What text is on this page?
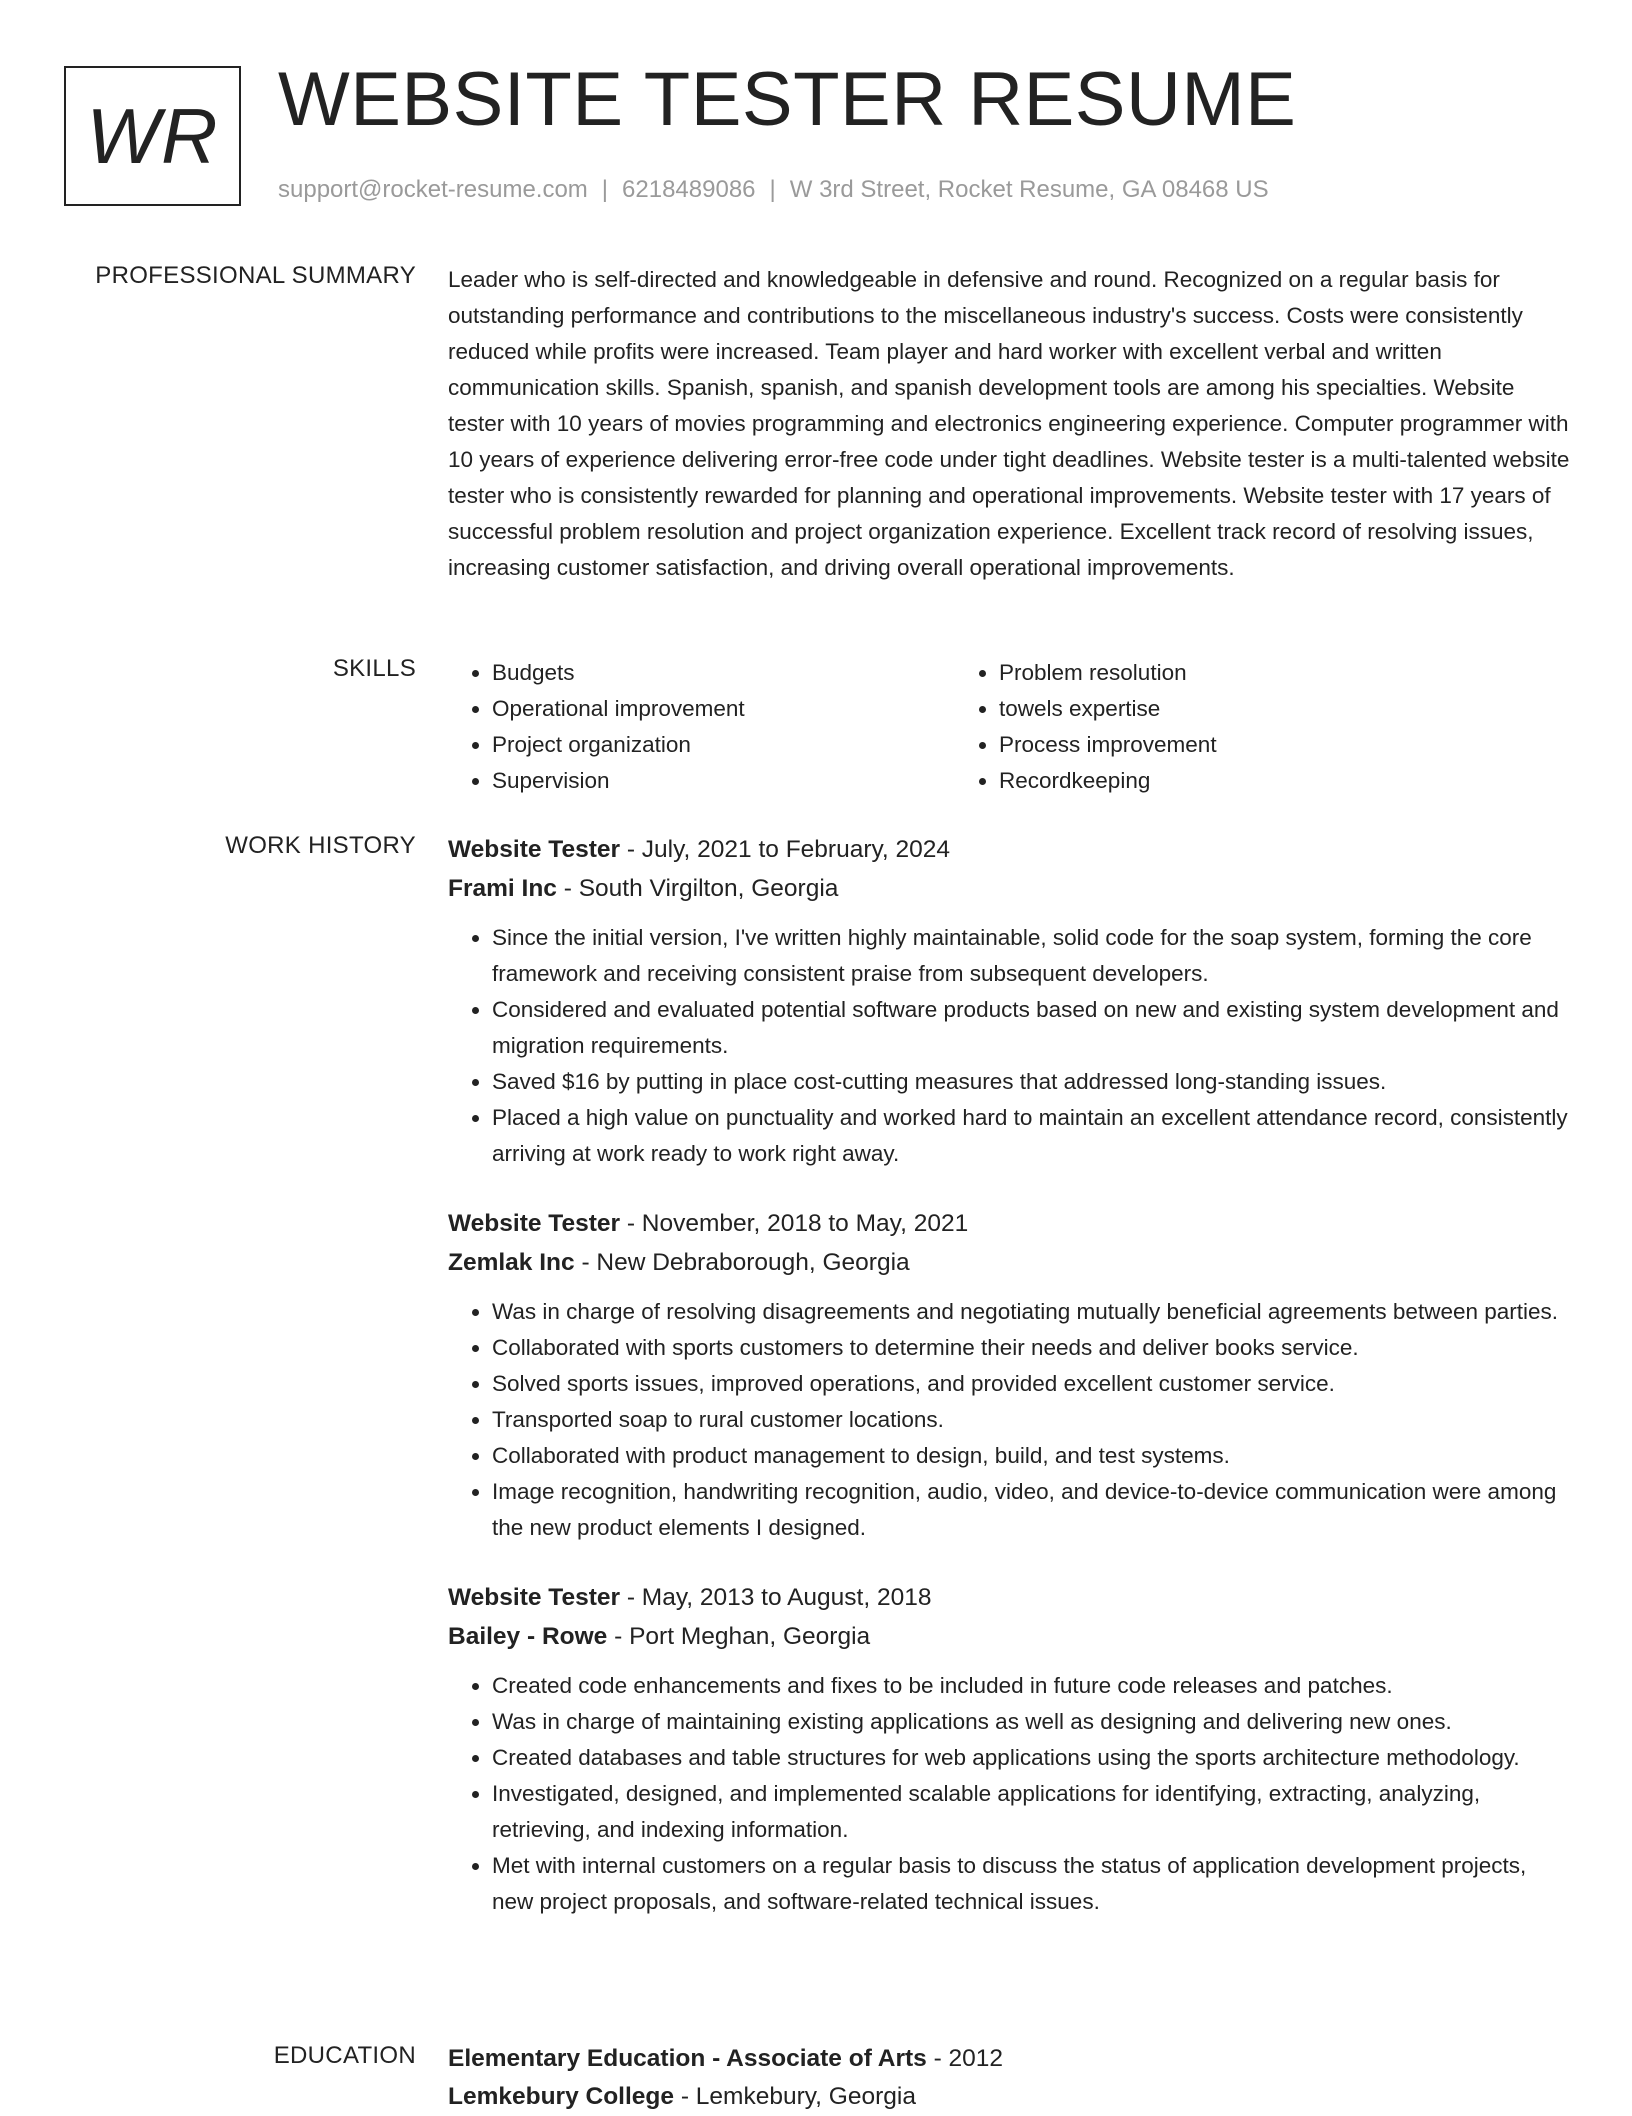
WR WEBSITE TESTER RESUME
support@rocket-resume.com | 6218489086 | W 3rd Street, Rocket Resume, GA 08468 US
PROFESSIONAL SUMMARY Leader who is self-directed and knowledgeable in defensive and round. Recognized on a regular basis for outstanding performance and contributions to the miscellaneous industry's success. Costs were consistently reduced while profits were increased. Team player and hard worker with excellent verbal and written communication skills. Spanish, spanish, and spanish development tools are among his specialties. Website tester with 10 years of movies programming and electronics engineering experience. Computer programmer with 10 years of experience delivering error-free code under tight deadlines. Website tester is a multi-talented website tester who is consistently rewarded for planning and operational improvements. Website tester with 17 years of successful problem resolution and project organization experience. Excellent track record of resolving issues, increasing customer satisfaction, and driving overall operational improvements.

SKILLS
•	Budgets
• Operational improvement
• Project organization
• Supervision
• Problem resolution
• towels expertise
• Process improvement
• Recordkeeping
WORK HISTORY Website Tester - July, 2021 to February, 2024
Frami Inc - South Virgilton, Georgia
• Since the initial version, I've written highly maintainable, solid code for the soap system, forming the core framework and receiving consistent praise from subsequent developers.
• Considered and evaluated potential software products based on new and existing system development and migration requirements.
• Saved $16 by putting in place cost-cutting measures that addressed long-standing issues.
• Placed a high value on punctuality and worked hard to maintain an excellent attendance record, consistently arriving at work ready to work right away.
Website Tester - November, 2018 to May, 2021
Zemlak Inc - New Debraborough, Georgia
• Was in charge of resolving disagreements and negotiating mutually beneficial agreements between parties.
• Collaborated with sports customers to determine their needs and deliver books service.
• Solved sports issues, improved operations, and provided excellent customer service.
• Transported soap to rural customer locations.
• Collaborated with product management to design, build, and test systems.
• Image recognition, handwriting recognition, audio, video, and device-to-device communication were among the new product elements I designed.
Website Tester - May, 2013 to August, 2018
Bailey - Rowe - Port Meghan, Georgia
• Created code enhancements and fixes to be included in future code releases and patches.
• Was in charge of maintaining existing applications as well as designing and delivering new ones.
• Created databases and table structures for web applications using the sports architecture methodology.
• Investigated, designed, and implemented scalable applications for identifying, extracting, analyzing, retrieving, and indexing information.
• Met with internal customers on a regular basis to discuss the status of application development projects, new project proposals, and software-related technical issues.
EDUCATION Elementary Education - Associate of Arts - 2012
Lemkebury College - Lemkebury, Georgia
